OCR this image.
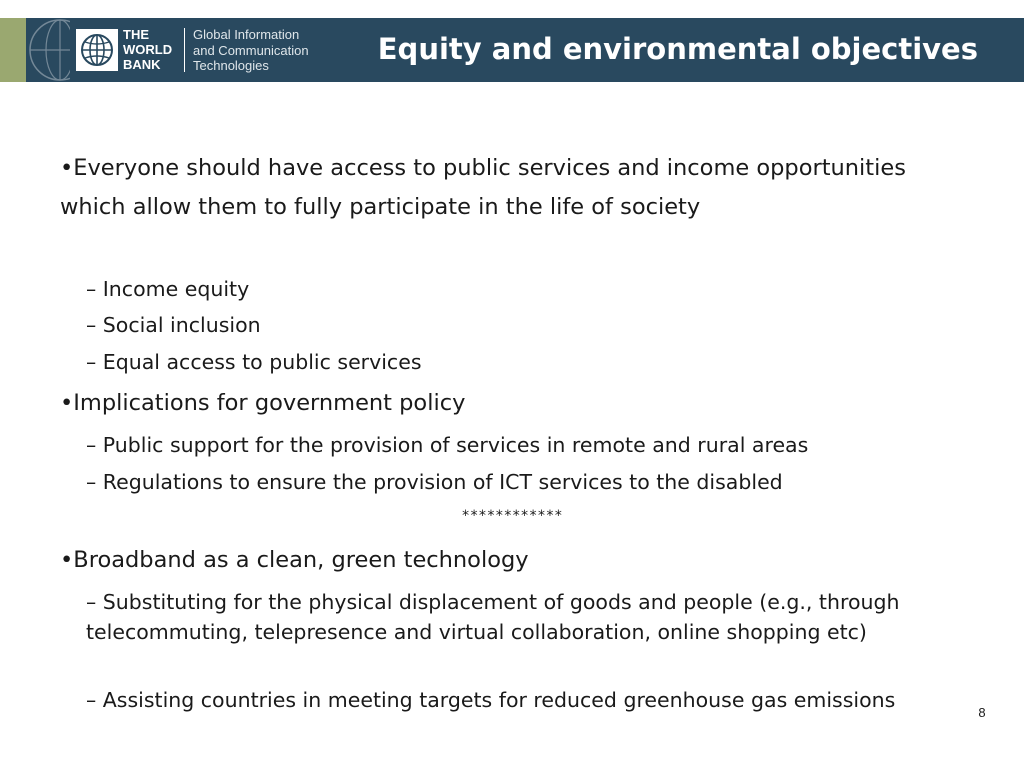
THE
WORLD
BANK
Global Information
and Communication
Technologies	Equity and environmental objectives

•Everyone should have access to public services and income opportunities which allow them to fully participate in the life of society

– Income equity

– Social inclusion

– Equal access to public services

•Implications for government policy

– Public support for the provision of services in remote and rural areas

– Regulations to ensure the provision of ICT services to the disabled

************

•Broadband as a clean, green technology

– Substituting for the physical displacement of goods and people (e.g., through telecommuting, telepresence and virtual collaboration, online shopping etc)

– Assisting countries in meeting targets for reduced greenhouse gas emissions

8
